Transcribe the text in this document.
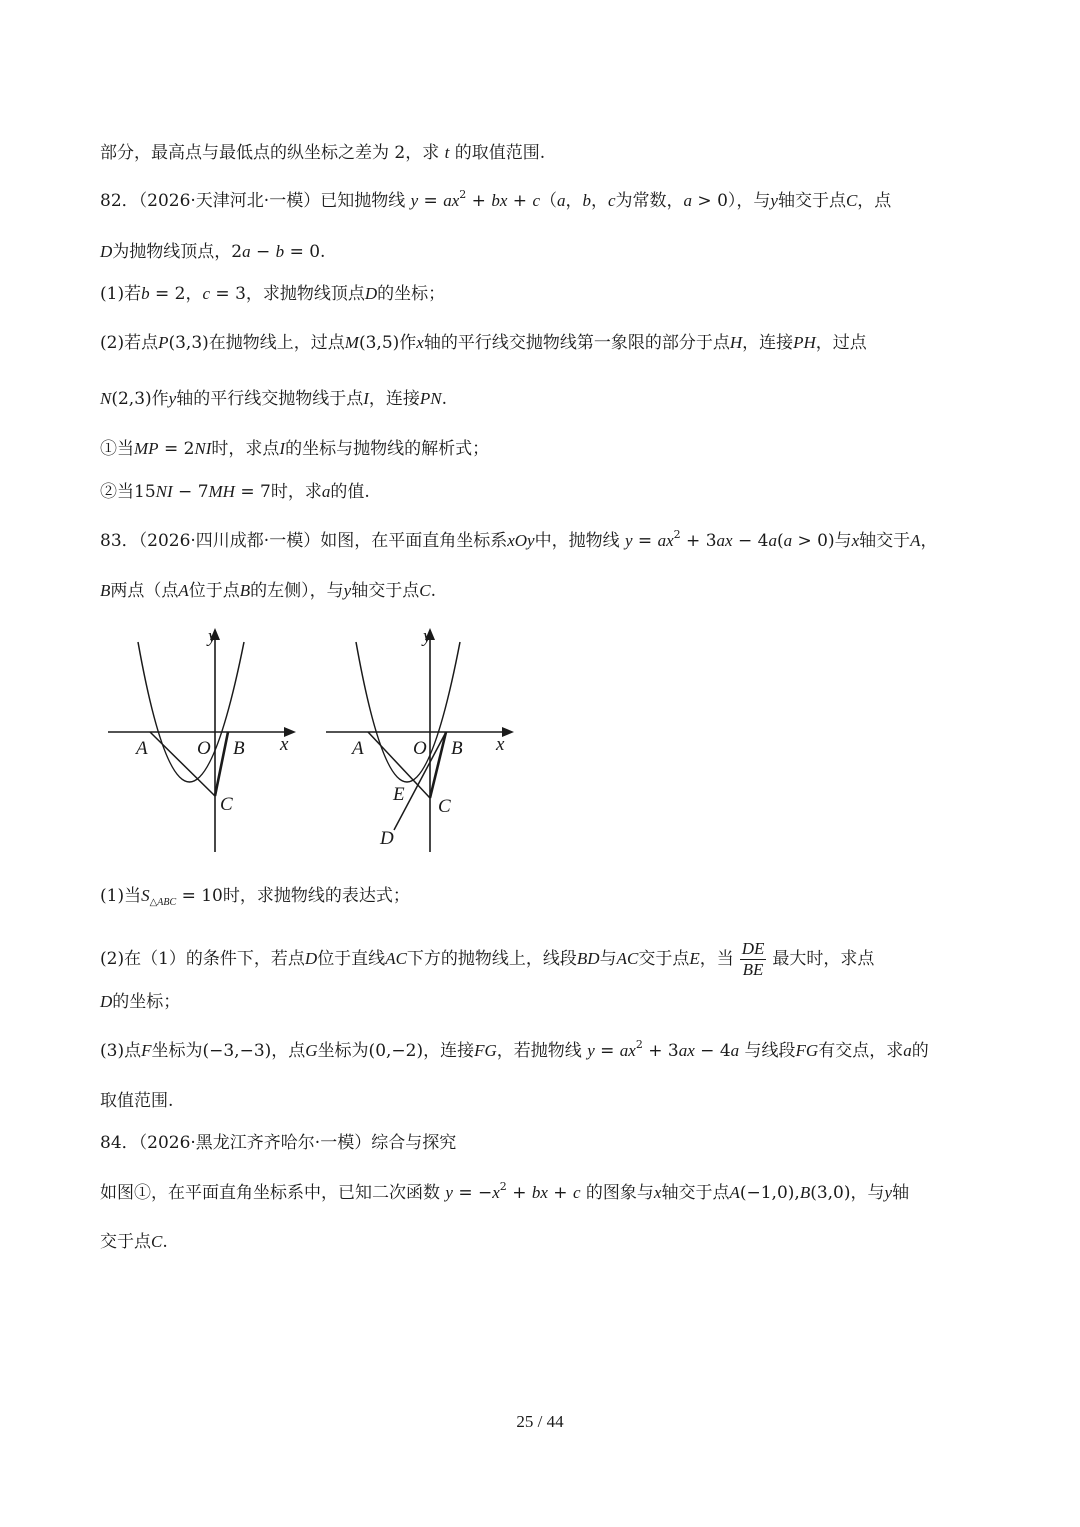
部分，最高点与最低点的纵坐标之差为 2，求 t 的取值范围.
82．（2026·天津河北·一模）已知抛物线 $y = ax^2$ + bx + c（a，b，c为常数，a > 0），与y轴交于点C，点
D为抛物线顶点，2a − b = 0.
(1)若b = 2，c = 3，求抛物线顶点D的坐标；
(2)若点P(3,3)在抛物线上，过点M(3,5)作x轴的平行线交抛物线第一象限的部分于点H，连接PH，过点
N(2,3)作y轴的平行线交抛物线于点I，连接PN.
①当MP = 2NI时，求点I的坐标与抛物线的解析式；
②当15NI − 7MH = 7时，求a的值.
83．（2026·四川成都·一模）如图，在平面直角坐标系xOy中，抛物线 $y = ax^2 + 3ax - 4a(a > 0)$与x轴交于A，
B两点（点A位于点B的左侧），与y轴交于点C.
y
x
O
A	B
C
y
x
O
A	B
C
E
D
(1)当$S_{\triangle ABC} = 10$时，求抛物线的表达式；
(2)在（1）的条件下，若点D位于直线AC下方的抛物线上，线段BD与AC交于点E，当 $\frac{DE}{BE}$ 最大时，求点
D的坐标；
(3)点F坐标为(−3,−3)，点G坐标为(0,−2)，连接FG，若抛物线 $y = ax^2 + 3ax - 4a$ 与线段FG有交点，求a的
取值范围.
84．（2026·黑龙江齐齐哈尔·一模）综合与探究
如图①，在平面直角坐标系中，已知二次函数 $y = -x^2$ + bx + c 的图象与x轴交于点A(−1,0),B(3,0)，与y轴
交于点C.
25 / 44
